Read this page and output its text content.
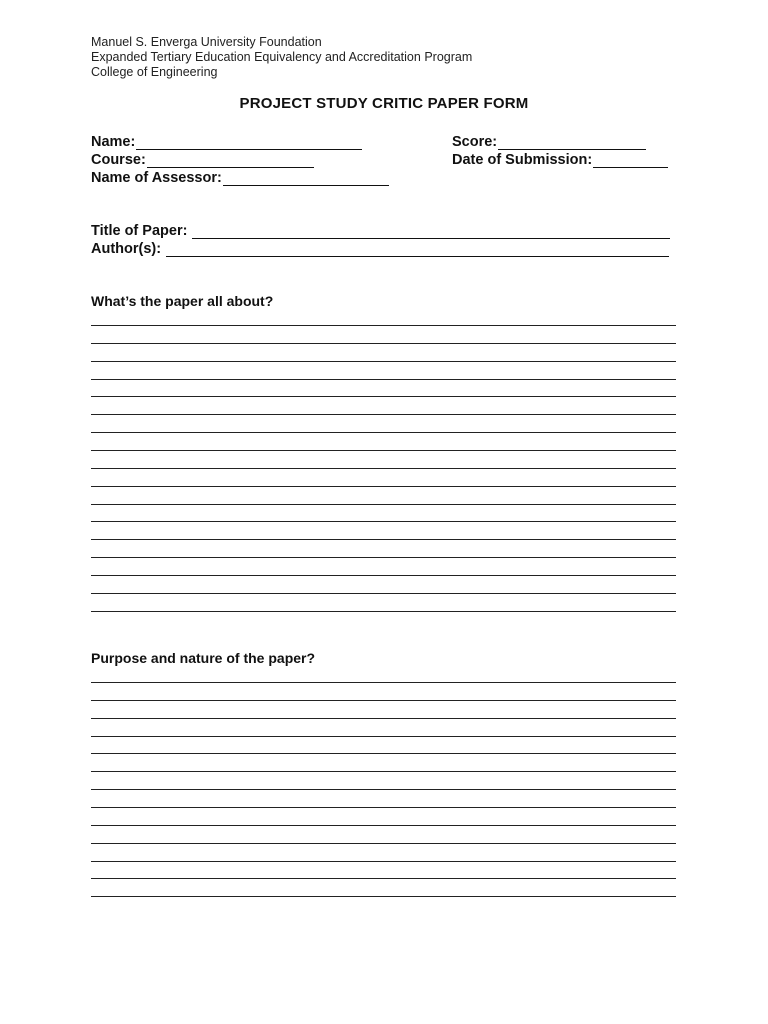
Manuel S. Enverga University Foundation
Expanded Tertiary Education Equivalency and Accreditation Program
College of Engineering
PROJECT STUDY CRITIC PAPER FORM
Name:	Score:
Course:	Date of Submission:
Name of Assessor:
Title of Paper:
Author(s):
What’s the paper all about?
Purpose and nature of the paper?
